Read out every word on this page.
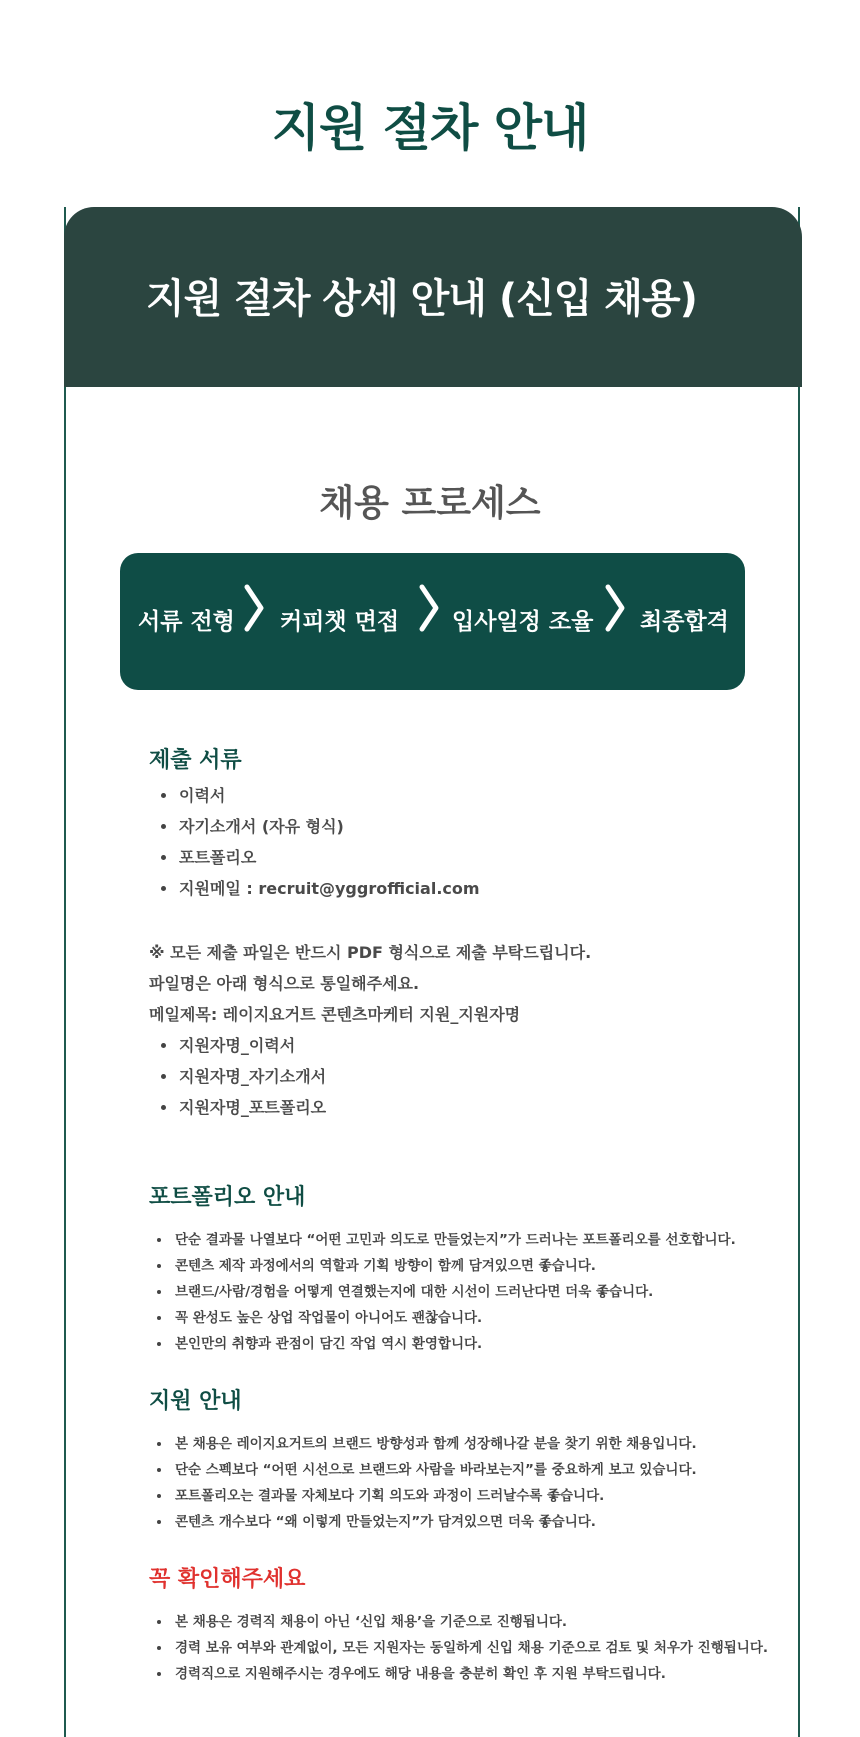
지원 절차 안내
지원 절차 상세 안내 (신입 채용)
채용 프로세스
서류 전형 커피챗 면접 입사일정 조율 최종합격
제출 서류
이력서
자기소개서 (자유 형식)
포트폴리오
지원메일 : recruit@yggrofficial.com
※ 모든 제출 파일은 반드시 PDF 형식으로 제출 부탁드립니다.
파일명은 아래 형식으로 통일해주세요.
메일제목: 레이지요거트 콘텐츠마케터 지원_지원자명
지원자명_이력서
지원자명_자기소개서
지원자명_포트폴리오
포트폴리오 안내
단순 결과물 나열보다 “어떤 고민과 의도로 만들었는지”가 드러나는 포트폴리오를 선호합니다.
콘텐츠 제작 과정에서의 역할과 기획 방향이 함께 담겨있으면 좋습니다.
브랜드/사람/경험을 어떻게 연결했는지에 대한 시선이 드러난다면 더욱 좋습니다.
꼭 완성도 높은 상업 작업물이 아니어도 괜찮습니다.
본인만의 취향과 관점이 담긴 작업 역시 환영합니다.
지원 안내
본 채용은 레이지요거트의 브랜드 방향성과 함께 성장해나갈 분을 찾기 위한 채용입니다.
단순 스펙보다 “어떤 시선으로 브랜드와 사람을 바라보는지”를 중요하게 보고 있습니다.
포트폴리오는 결과물 자체보다 기획 의도와 과정이 드러날수록 좋습니다.
콘텐츠 개수보다 “왜 이렇게 만들었는지”가 담겨있으면 더욱 좋습니다.
꼭 확인해주세요
본 채용은 경력직 채용이 아닌 ‘신입 채용’을 기준으로 진행됩니다.
경력 보유 여부와 관계없이, 모든 지원자는 동일하게 신입 채용 기준으로 검토 및 처우가 진행됩니다.
경력직으로 지원해주시는 경우에도 해당 내용을 충분히 확인 후 지원 부탁드립니다.
